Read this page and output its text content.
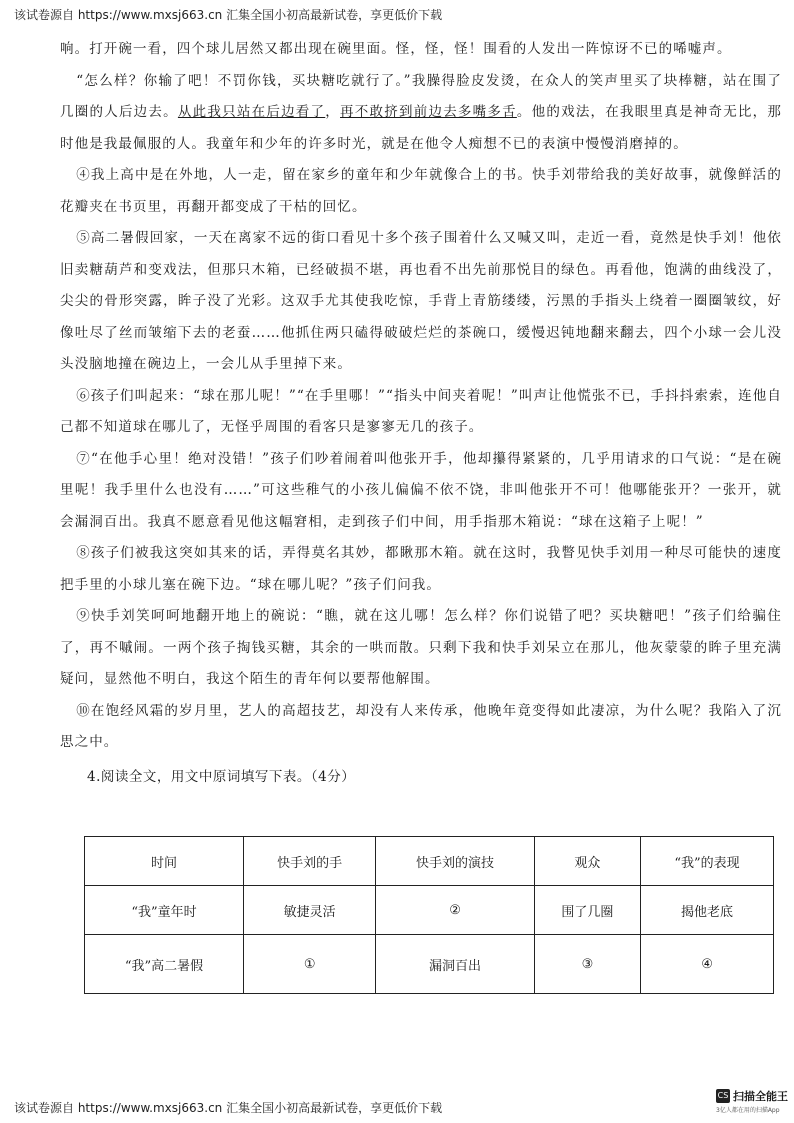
该试卷源自 https://www.mxsj663.cn 汇集全国小初高最新试卷，享更低价下载

响。打开碗一看，四个球儿居然又都出现在碗里面。怪，怪，怪！围看的人发出一阵惊讶不已的唏嘘声。

“怎么样？你输了吧！不罚你钱，买块糖吃就行了。”我臊得脸皮发烫，在众人的笑声里买了块棒糖，站在围了几圈的人后边去。从此我只站在后边看了，再不敢挤到前边去多嘴多舌。他的戏法，在我眼里真是神奇无比，那时他是我最佩服的人。我童年和少年的许多时光，就是在他令人痴想不已的表演中慢慢消磨掉的。

④我上高中是在外地，人一走，留在家乡的童年和少年就像合上的书。快手刘带给我的美好故事，就像鲜活的花瓣夹在书页里，再翻开都变成了干枯的回忆。

⑤高二暑假回家，一天在离家不远的街口看见十多个孩子围着什么又喊又叫，走近一看，竟然是快手刘！他依旧卖糖葫芦和变戏法，但那只木箱，已经破损不堪，再也看不出先前那悦目的绿色。再看他，饱满的曲线没了，尖尖的骨形突露，眸子没了光彩。这双手尤其使我吃惊，手背上青筋缕缕，污黑的手指头上绕着一圈圈皱纹，好像吐尽了丝而皱缩下去的老蚕……他抓住两只磕得破破烂烂的茶碗口，缓慢迟钝地翻来翻去，四个小球一会儿没头没脑地撞在碗边上，一会儿从手里掉下来。

⑥孩子们叫起来：“球在那儿呢！”“在手里哪！”“指头中间夹着呢！”叫声让他慌张不已，手抖抖索索，连他自己都不知道球在哪儿了，无怪乎周围的看客只是寥寥无几的孩子。

⑦“在他手心里！绝对没错！”孩子们吵着闹着叫他张开手，他却攥得紧紧的，几乎用请求的口气说：“是在碗里呢！我手里什么也没有……”可这些稚气的小孩儿偏偏不依不饶，非叫他张开不可！他哪能张开？一张开，就会漏洞百出。我真不愿意看见他这幅窘相，走到孩子们中间，用手指那木箱说：“球在这箱子上呢！”

⑧孩子们被我这突如其来的话，弄得莫名其妙，都瞅那木箱。就在这时，我瞥见快手刘用一种尽可能快的速度把手里的小球儿塞在碗下边。“球在哪儿呢？”孩子们问我。

⑨快手刘笑呵呵地翻开地上的碗说：“瞧，就在这儿哪！怎么样？你们说错了吧？买块糖吧！”孩子们给骗住了，再不嘁闹。一两个孩子掏钱买糖，其余的一哄而散。只剩下我和快手刘呆立在那儿，他灰蒙蒙的眸子里充满疑问，显然他不明白，我这个陌生的青年何以要帮他解围。

⑩在饱经风霜的岁月里，艺人的高超技艺，却没有人来传承，他晚年竟变得如此凄凉，为什么呢？我陷入了沉思之中。

4.阅读全文，用文中原词填写下表。（4分）

时间	快手刘的手	快手刘的演技	观众	“我”的表现
“我”童年时	敏捷灵活	②	围了几圈	揭他老底
“我”高二暑假	①	漏洞百出	③	④
该试卷源自 https://www.mxsj663.cn 汇集全国小初高最新试卷，享更低价下载
CS 扫描全能王
3亿人都在用的扫描App
